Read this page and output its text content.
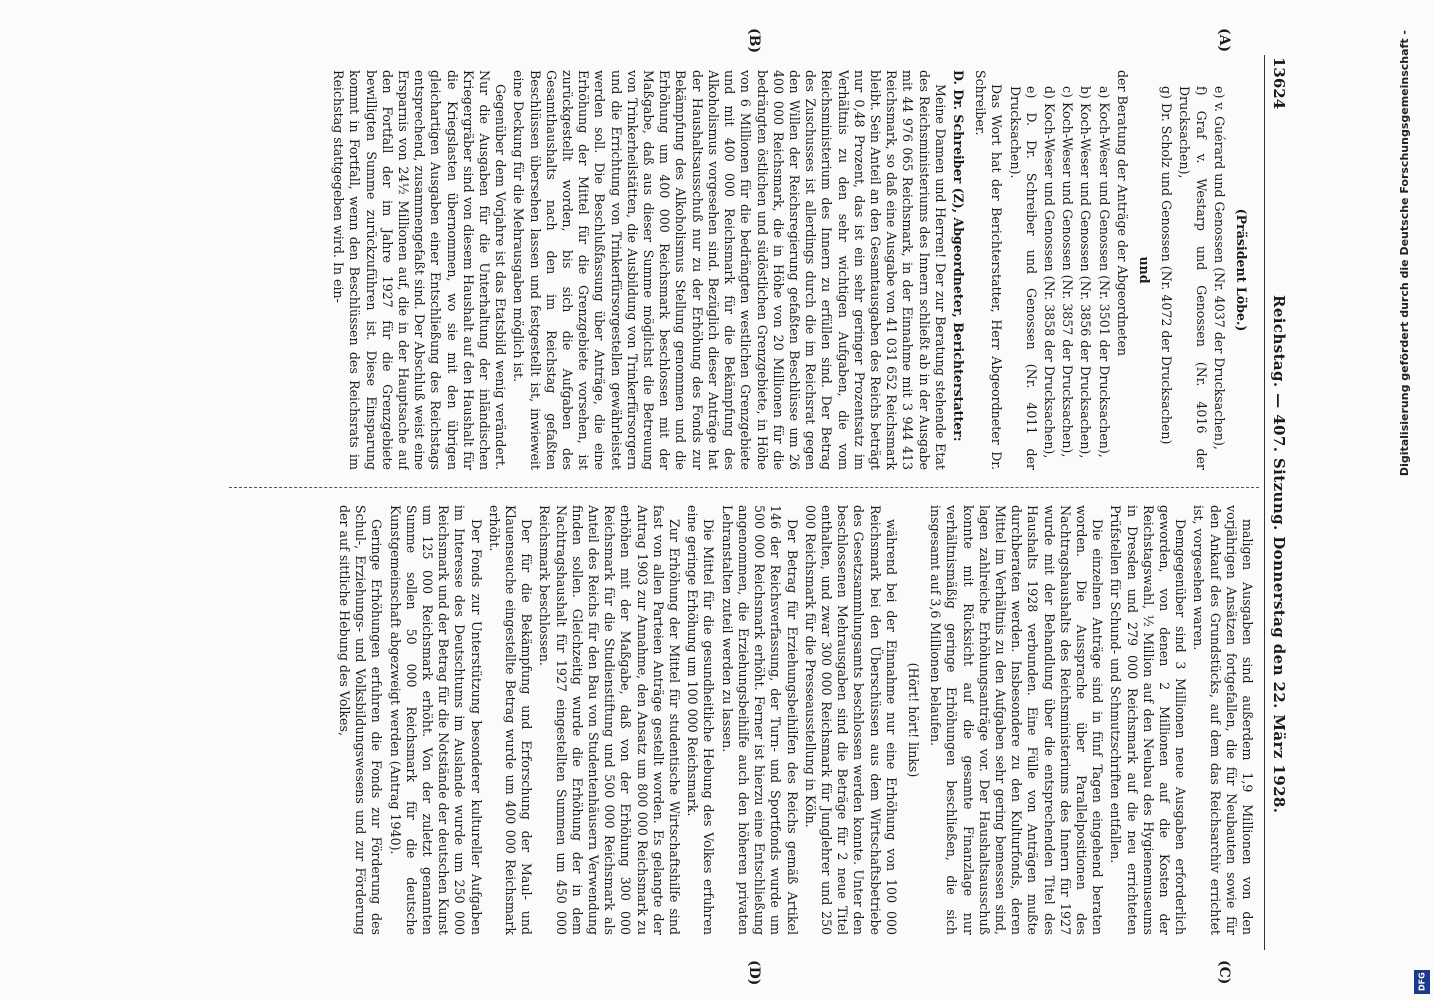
13624
Reichstag. — 407. Sitzung. Donnerstag den 22. März 1928.
(A)
(B)
(C)
(D)

(Präsident Löbe.)

e) v. Guérard und Genossen (Nr. 4037 der Drucksachen),

f) Graf v. Westarp und Genossen (Nr. 4016 der Drucksachen),

g) Dr. Scholz und Genossen (Nr. 4072 der Drucksachen)

und

der Beratung der Anträge der Abgeordneten

a) Koch-Weser und Genossen (Nr. 3501 der Drucksachen),

b) Koch-Weser und Genossen (Nr. 3856 der Drucksachen),

c) Koch-Weser und Genossen (Nr. 3857 der Drucksachen),

d) Koch-Weser und Genossen (Nr. 3858 der Drucksachen),

e) D. Dr. Schreiber und Genossen (Nr. 4011 der Drucksachen).

Das Wort hat der Berichterstatter, Herr Abgeordneter Dr. Schreiber.

D. Dr. Schreiber (Z), Abgeordneter, Berichterstatter:

Meine Damen und Herren! Der zur Beratung stehende Etat des Reichsministeriums des Innern schließt ab in der Ausgabe mit 44 976 065 Reichsmark, in der Einnahme mit 3 944 413 Reichsmark, so daß eine Ausgabe von 41 031 652 Reichsmark bleibt. Sein Anteil an den Gesamtausgaben des Reichs beträgt nur 0,48 Prozent, das ist ein sehr geringer Prozentsatz im Verhältnis zu den sehr wichtigen Aufgaben, die vom Reichsministerium des Innern zu erfüllen sind. Der Betrag des Zuschusses ist allerdings durch die im Reichsrat gegen den Willen der Reichsregierung gefaßten Beschlüsse um 26 400 000 Reichsmark, die in Höhe von 20 Millionen für die bedrängten östlichen und südöstlichen Grenzgebiete, in Höhe von 6 Millionen für die bedrängten westlichen Grenzgebiete und mit 400 000 Reichsmark für die Bekämpfung des Alkoholismus vorgesehen sind. Bezüglich dieser Anträge hat der Haushaltsausschuß nur zu der Erhöhung des Fonds zur Bekämpfung des Alkoholismus Stellung genommen und die Erhöhung um 400 000 Reichsmark beschlossen mit der Maßgabe, daß aus dieser Summe möglichst die Betreuung von Trinkerheilstätten, die Ausbildung von Trinkerfürsorgern und die Errichtung von Trinkerfürsorgestellen gewährleistet werden soll. Die Beschlußfassung über Anträge, die eine Erhöhung der Mittel für die Grenzgebiete vorsehen, ist zurückgestellt worden, bis sich die Aufgaben des Gesamthaushalts nach den im Reichstag gefaßten Beschlüssen übersehen lassen und festgestellt ist, inwieweit eine Deckung für die Mehrausgaben möglich ist.

Gegenüber dem Vorjahre ist das Etatsbild wenig verändert. Nur die Ausgaben für die Unterhaltung der inländischen Kriegergräber sind von diesem Haushalt auf den Haushalt für die Kriegslasten übernommen, wo sie mit den übrigen gleichartigen Ausgaben einer Entschließung des Reichstags entsprechend, zusammengefaßt sind. Der Abschluß weist eine Ersparnis von 24½ Millionen auf, die in der Hauptsache auf den Fortfall der im Jahre 1927 für die Grenzgebiete bewilligten Summe zurückzuführen ist. Diese Einsparung kommt in Fortfall, wenn den Beschlüssen des Reichsrats im Reichstag stattgegeben wird. In ein-

maligen Ausgaben sind außerdem 1,9 Millionen von den vorjährigen Ansätzen fortgefallen, die für Neubauten sowie für den Ankauf des Grundstücks, auf dem das Reichsarchiv errichtet ist, vorgesehen waren.

Demgegenüber sind 3 Millionen neue Ausgaben erforderlich geworden, von denen 2 Millionen auf die Kosten der Reichstagswahl, ½ Million auf den Neubau des Hygienemuseums in Dresden und 279 000 Reichsmark auf die neu errichteten Prüfstellen für Schund- und Schmutzschriften entfallen.

Die einzelnen Anträge sind in fünf Tagen eingehend beraten worden. Die Aussprache über Parallelpositionen des Nachtragshaushalts des Reichsministeriums des Innern für 1927 wurde mit der Behandlung über die entsprechenden Titel des Haushalts 1928 verbunden. Eine Fülle von Anträgen mußte durchberaten werden. Insbesondere zu den Kulturfonds, deren Mittel im Verhältnis zu den Aufgaben sehr gering bemessen sind, lagen zahlreiche Erhöhungsanträge vor. Der Haushaltsausschuß konnte mit Rücksicht auf die gesamte Finanzlage nur verhältnismäßig geringe Erhöhungen beschließen, die sich insgesamt auf 3,6 Millionen belaufen.

(Hört! hört! links)

während bei der Einnahme nur eine Erhöhung von 100 000 Reichsmark bei den Überschüssen aus dem Wirtschaftsbetriebe des Gesetzsammlungsamts beschlossen werden konnte. Unter den beschlossenen Mehrausgaben sind die Beträge für 2 neue Titel enthalten, und zwar 300 000 Reichsmark für Junglehrer und 250 000 Reichsmark für die Presseausstellung in Köln.

Der Betrag für Erziehungsbeihilfen des Reichs gemäß Artikel 146 der Reichsverfassung, der Turn- und Sportfonds wurde um 500 000 Reichsmark erhöht. Ferner ist hierzu eine Entschließung angenommen, die Erziehungsbeihilfe auch den höheren privaten Lehranstalten zuteil werden zu lassen.

Die Mittel für die gesundheitliche Hebung des Volkes erfuhren eine geringe Erhöhung um 100 000 Reichsmark.

Zur Erhöhung der Mittel für studentische Wirtschaftshilfe sind fast von allen Parteien Anträge gestellt worden. Es gelangte der Antrag 1903 zur Annahme, den Ansatz um 800 000 Reichsmark zu erhöhen mit der Maßgabe, daß von der Erhöhung 300 000 Reichsmark für die Studienstiftung und 500 000 Reichsmark als Anteil des Reichs für den Bau von Studentenhäusern Verwendung finden sollen. Gleichzeitig wurde die Erhöhung der in dem Nachtragshaushalt für 1927 eingestellten Summen um 450 000 Reichsmark beschlossen.

Der für die Bekämpfung und Erforschung der Maul- und Klauenseuche eingestellte Betrag wurde um 400 000 Reichsmark erhöht.

Der Fonds zur Unterstützung besonderer kultureller Aufgaben im Interesse des Deutschtums im Auslande wurde um 250 000 Reichsmark und der Betrag für die Notstände der deutschen Kunst um 125 000 Reichsmark erhöht. Von der zuletzt genannten Summe sollen 50 000 Reichsmark für die deutsche Kunstgemeinschaft abgezweigt werden (Antrag 1940).

Geringe Erhöhungen erfuhren die Fonds zur Förderung des Schul-, Erziehungs- und Volksbildungswesens und zur Förderung der auf sittliche Hebung des Volkes,

Digitalisierung gefördert durch die Deutsche Forschungsgemeinschaft -
DFG
